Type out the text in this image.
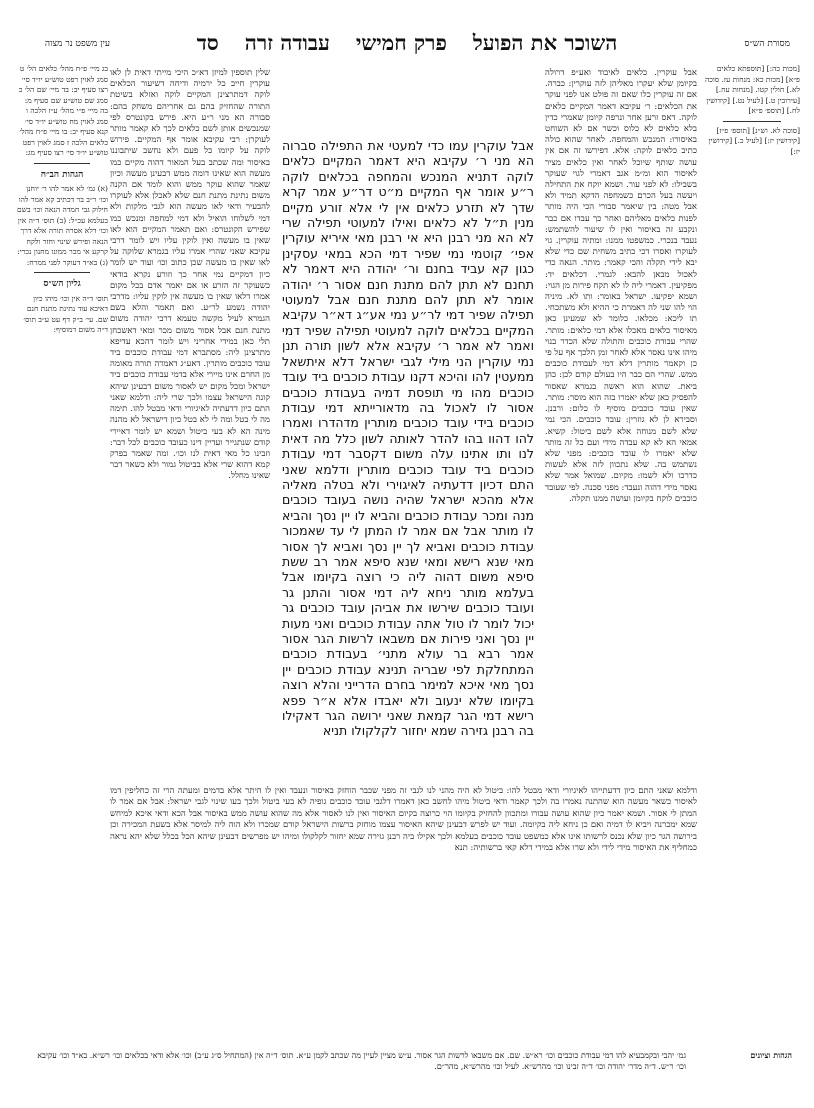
מסורת הש״ס
השוכר את הפועל
פרק חמישי
עבודה זרה
סד
עין משפט נר מצוה
[מכות כה:] [תוספתא כלאים פ״א] [מכות כא: מנחות עז. סוכה לא.] חולין קטו. [מנחות עח.] [עירובין ט.] [לעיל נט.] [קידושין לח.] [תוספ׳ פ״א]
[סוכה לא. וש״נ] [תוספ׳ פ״ז] [קידושין יז:] [לעיל כ.] [קידושין יז:]
אבל עוקרין. כלאים לאיבוד ואע״פ דרולה בקיומן שלא יעקרו מאליהן לזה עוקרין: כברה. אם זה עוקרין כלו שאם זה פולט אנו לפני עוקר את הכלאים: ר׳ עקיבא דאמר המקיים כלאים לוקה. דאס זרען אחר ונרפה קיומן שאמרי כדין בלא כלאים לא כלוס וכשר אם לא השוחט באיסורו: המנכש והמחפה. לאחר שהוא כולה כתיב כלאים לוקה: אלא. דפירשו זה אם אין עושה שותף שיוכל לאחר ואין כלאים מציר לאיסור הוא ומ״מ אגב דאמרי לגוי שעוקר בשבילו: לא לפני עור. ושמא יוקח את התחילה ויעשה בעל הכרם כשמחפה הדקא תמיד ולא אבל מטה: בין שיאמר סבורי הכי היה מותר לפנות כלאים מאליהם ואחר כך עבדו אם כבר ונקבע זה באיסור ואין לו שיעור להשתמש: נעבד בנכרי. כמשפטו ממנו: ומתיה עוקרין. גוי לעוקרו ואסרו דכי כתיב משחית שם כדי שלא יבא לידי תקלה והכי קאמר: מותר. הנאה כדי לאכול מבאן להבא: לגמרי. דכלאים יד: מפקיעין. דאמרי ליה לו לא תקח פירות מן הגוי: ושמא יפקיעו. ישראל באומר: ותו לא. מיניה הוי להו שני לה דאמרת כי ההיא ולא משתכחי. תו ליכא: מכלאו. כלומר לא שמעינן כאן מאיסור כלאים מאכלו אלא דמי כלאים: מותר. שהרי עבודת כוכבים והתולה שלא הכדר בנוי מיהו אינו נאסר אלא לאחר זמן הלכך אף על פי כן וקאמר מותרין דלא דמי לעבודת כוכבים ממש. שהרי הם כבר היו בעולם קודם לכן: כהן ביאת. שהוא הוא ראשה בגמרא שאסור להפסיק כאן שלא יאמרו בזה הוא מוסר: מותר. שאין עובד כוכבים מוסיף לו כלום: ורבנן. וסבירא לן לא גוזרין: עובד כוכבים. הכי נמי שלא לשם מנוחה אלא לשם ביטול: קשיא. אמאי הא לא קא עבדה מידי ועם כל זה מותר שלא יאמרו לו עובד כוכבים: מפני שלא נשתמש בה. שלא נתכוון לזה אלא לעשות כדרכו ולא לשמו: מקיום. שמואל אמר שלא נאסר מידי דהוה ונעבד: מפני סכנה. לפי שעובד כוכבים לוקח בקיומן ועושה ממנו תקלה.
אבל עוקרין עמו כדי למעטי את התפילה סברוה הא מני ר׳ עקיבא היא דאמר המקיים כלאים לוקה דתניא המנכש והמחפה בכלאים לוקה ר״ע אומר אף המקיים מ״ט דר״ע אמר קרא שדך לא תזרע כלאים אין לי אלא זורע מקיים מנין ת״ל לא כלאים ואילו למעוטי תפילה שרי לא הא מני רבנן היא אי רבנן מאי איריא עוקרין אפי׳ קוטמי נמי שפיר דמי הכא במאי עסקינן כגון קא עביד בחנם ור׳ יהודה היא דאמר לא תחנם לא תתן להם מתנת חנם אסור ר׳ יהודה אומר לא תתן להם מתנת חנם אבל למעוטי תפילה שפיר דמי לר״ע נמי אע״ג דא״ר עקיבא המקיים בכלאים לוקה למעוטי תפילה שפיר דמי ואמר לא אמר ר׳ עקיבא אלא לשון תורה תנן נמי עוקרין הני מילי לגבי ישראל דלא איתשאל ממעטין להו והיכא דקנו עבודת כוכבים ביד עובד כוכבים מהו מי תופסת דמיה בעבודת כוכבים אסור לו לאכול בה מדאורייתא דמי עבודת כוכבים בידי עובד כוכבים מותרין מדהדרו ואמרו להו דהוו בהו להדר לאותה לשון כלל מה דאית לנו ותו אתינו עלה משום דקסבר דמי עבודת כוכבים ביד עובד כוכבים מותרין ודלמא שאני התם דכיון דדעתיה לאיגוירי ולא בטלה מאליה אלא מהכא ישראל שהיה נושה בעובד כוכבים מנה ומכר עבודת כוכבים והביא לו יין נסך והביא לו מותר אבל אם אמר לו המתן לי עד שאמכור עבודת כוכבים ואביא לך יין נסך ואביא לך אסור מאי שנא רישא ומאי שנא סיפא אמר רב ששת סיפא משום דהוה ליה כי רוצה בקיומו אבל בעלמא מותר ניחא ליה דמי אסור והתנן גר ועובד כוכבים שירשו את אביהן עובד כוכבים גר יכול לומר לו טול אתה עבודת כוכבים ואני מעות יין נסך ואני פירות אם משבאו לרשות הגר אסור אמר רבא בר עולא מתני׳ בעבודת כוכבים המתחלקת לפי שבריה תנינא עבודת כוכבים יין נסך מאי איכא למימר בחרם הדרייני והלא רוצה בקיומו שלא ינעוב ולא יאבדו אלא א״ר פפא רישא דמי הגר קמאת שאני ירושה הגר דאקילו בה רבנן גזירה שמא יחזור לקלקולו תניא
שלין תוספין למיזן דא״כ היכי מייתי דאית לן לאו עוקרין חייב כל ירמיה ודיחה דשיעור הכלאים לוקה דמתרצינן המקיים לוקה ואזלא בשיטת התורה שהחזיק בהם גם אחריהם משחק בהם: סבורה הא מני ר״ע היא. פירש בקונטרס לפי שמנכשים אותן לשם כלאים לכך לא קאמר מותר לעוקרן: רבי עקיבא אומר אף המקיים. פירוש לוקה על קיומו כל פעם ולא נחשב שיתבוננו באיסור ומה שכתב בעל המאור דהוה מקיים כמו מעשה הוא שאינו דומה ממש דבעינן מעשה וכיון שאמר שהוא עוקר ממש והוא לומד אם הקנה משום נתינת מתנת חנם שלא לאכלן אלא לעוקרו להבעיר ודאי לאו מעשה הוא לגבי מלקות ולא דמי לשלוחו הואיל ולא דמי למחפה ומנכש כמו שפירש הקונטרס: ואם תאמר המקיים הוא לאו שאין בו מעשה ואין לוקין עליו ויש לומר דרבי עקיבא שאני שהרי אמרו עליו בגמרא שלוקה על לאו שאין בו מעשה שכן כתוב וכו׳ ועוד יש לומר כיון דמקיים נמי אחר כך וזורע נקרא בודאי כשעוקר זה הזרע או אם יאמר אדם בכל מקום אמרו דלאו שאין בו מעשה אין לוקין עליו: מדרבי יהודה נשמע לר״ע. ואם תאמר והלא בשם הגמרא לעיל מקשה טעמא דרבי יהודה משום מתנת חנם אבל אסור משום מכר ומאי דאשכחן תלי כאן במידי אחריני ויש לומר דהכא עדיפא מתרצינן ליה: מסתברא דמי עבודת כוכבים ביד עובד כוכבים מותרין. דאע״ג דאמרה תורה מאומה מן החרם אינו מיירי אלא בדמי עבודת כוכבים ביד ישראל ומכל מקום יש לאסור משום דבעינן שיהא קונה הישראל עצמו ולכך שרי ליה: ודלמא שאני התם כיון דדעתיה לאיגיורי ודאי מבטל להו. תימה מה לי בטל ומה לי לא בטל כיון דישראל לא מהנה מינה הא לא בעי ביטול ושמא יש לומר דאיירי קודם שנתגייר ועדיין דינו כעובד כוכבים לכל דבר: וזבינו כל מאי דאית לנו וכו׳. ומה שאמר בפרק קמא דהוא שרי אלא בביטול גמור ולא כשאר דבר שאינו מחלל.
בג מיי׳ פ״ח מהל׳ כלאים הל׳ ט סמג לאוין רפט טוש״ע יו״ד סי׳ רצו סעיף יב: בד מיי׳ שם הל׳ כ סמג שם טוש״ע שם סעיף מ: בה מיי׳ פ״י מהל׳ ע״ז הלכה ו סמג לאוין מח טוש״ע יו״ד סי׳ קנא סעיף יב: בו מיי׳ פ״ח מהל׳ כלאים הלכה ז סמג לאוין רפט טוש״ע יו״ד סי׳ רצו סעיף מג:
הגהות הב״ח
(א) גמ׳ לא אמר להו ר׳ יוחנן וכו׳ ר״ב בר דכתיב קא אמר להו חילוק גבי חמדה הנאה וכו׳ בשם בעלמא עכ״ל: (ב) תוס׳ ד״ה אין וכו׳ דלא אסרה תורה אלא דרך הנאה ופירש שינוי וחזר ולקח קרקע אי מכר ממונו מחנון נכרי: (ג) בא״ד דעוקר לפני ממרח:
גליון הש״ס
תוס׳ ד״ה אין וכו׳ מיהו כיון דאיכא עוד נתינת מתנת חנם שם. עי׳ ב״ק דף עט ע״ב תוס׳ ד״ה משום דמוסיף:
ודלמא שאני התם כיון דדעתייהו לאיגיורי ודאי מבטל להו: ביטול לא היה מהני לנו לגבי זה מפני שכבר הוחזק באיסור ונעבד ואין לו היתר אלא בדמים ומעתה הרי זה כחליפין דמו לאיסור כשאר מעשה הוא שהתנה נאמרו בה ולכך קאמר ודאי ביטול מיהו לחשב כאן דאמרו דלגבי עובד כוכבים גופיה לא בעי ביטול ולכך בעו שינוי לגבי ישראל: אבל אם אמר לו המתן לי אסור. ושמא יאמר כיון שהוא עושה עבורו ומתכוון להחזיק בקיומו הוי כרוצה בקיום האיסור ואין לנו לאסור אלא מה שהוא עושה ממש באיסור אבל הכא ודאי איכא למיחש שמא ימכרנה ויביא לו דמיה ואם כן ניחא ליה בקיומה. ועוד יש לפרש דבעינן שיהא האיסור עצמו מוחזק ברשות הישראל קודם שמכרו ולא הוה ליה למיסר אלא בשעת המכירה וכן בירושה הגר כיון שלא נכנס לרשותו אינו אלא כמשפט עובד כוכבים בעלמא ולכך אקילו ביה רבנן גזירה שמא יחזור לקלקולו ומיהו יש מפרשים דבעינן שיהא הכל בכלל שלא יהא נראה כמחליף את האיסור מידי לידי ולא שרו אלא במידי דלא קאי ברשותיה: תנא
הגהות וציונים
גמ׳ יהבי ובקמבעיא להו דמי עבודת כוכבים וכו׳ רא״ש. שם. אם משבאו לרשות הגר אסור. ע״ש מציין לעיין מה שכתב לקמן ע״א. תוס׳ ד״ה אין (המתחיל ס״ג ע״ב) וכו׳ אלא ודאי בכלאים וכו׳ רש״א. בא״ד וכו׳ עקיבא וכו׳ ר״ש. ד״ה מדר׳ יהודה וכו׳ ד״ה זבינו וכו׳ מהרש״א. לעיל וכו׳ מהרש״א, מהר״ם.
